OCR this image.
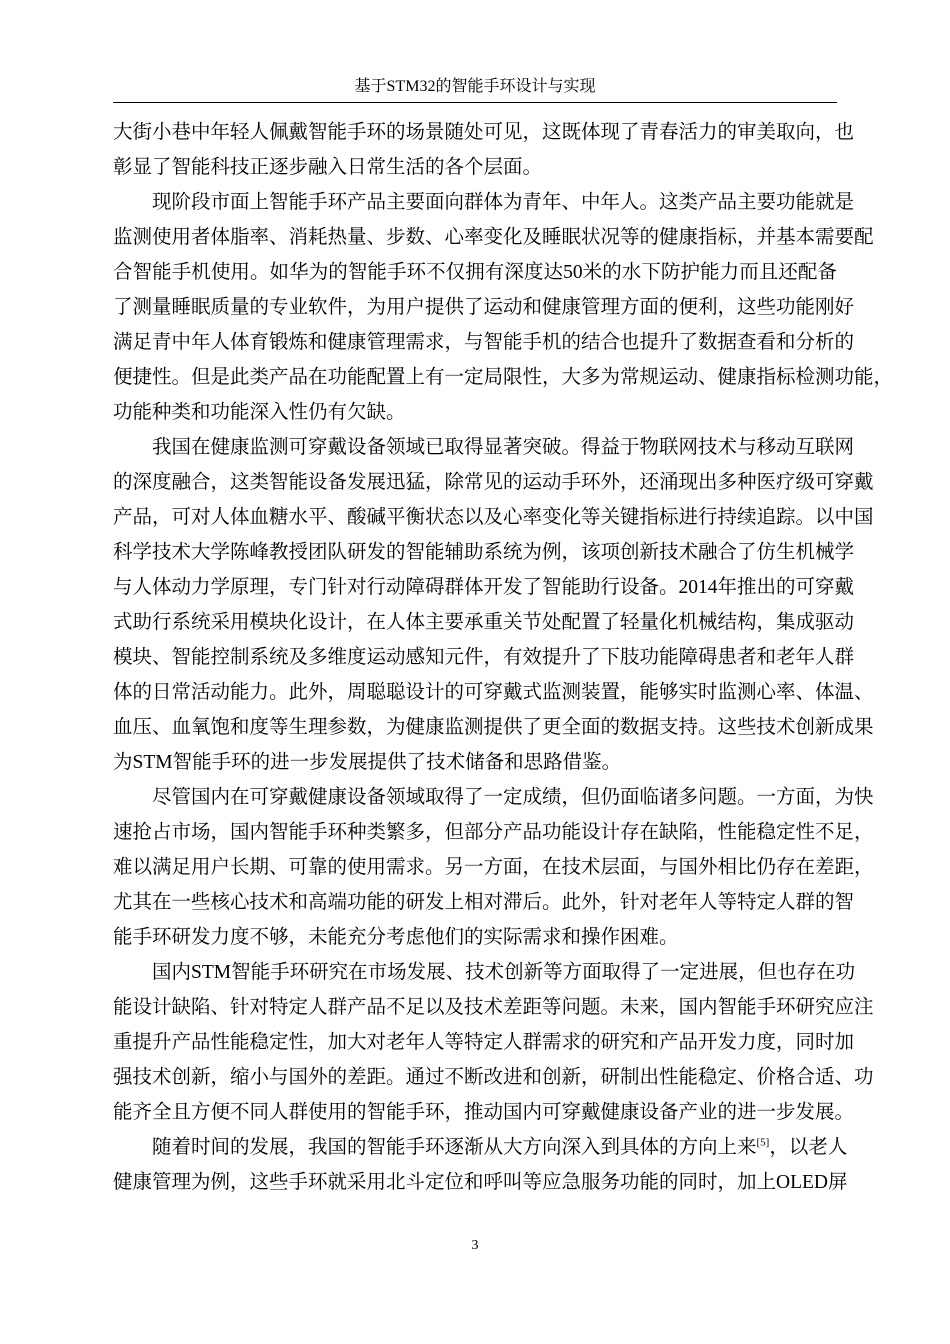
基于STM32的智能手环设计与实现
大街小巷中年轻人佩戴智能手环的场景随处可见，这既体现了青春活力的审美取向，也
彰显了智能科技正逐步融入日常生活的各个层面。
现阶段市面上智能手环产品主要面向群体为青年、中年人。这类产品主要功能就是
监测使用者体脂率、消耗热量、步数、心率变化及睡眠状况等的健康指标，并基本需要配
合智能手机使用。如华为的智能手环不仅拥有深度达50米的水下防护能力而且还配备
了测量睡眠质量的专业软件，为用户提供了运动和健康管理方面的便利，这些功能刚好
满足青中年人体育锻炼和健康管理需求，与智能手机的结合也提升了数据查看和分析的
便捷性。但是此类产品在功能配置上有一定局限性，大多为常规运动、健康指标检测功能，
功能种类和功能深入性仍有欠缺。
我国在健康监测可穿戴设备领域已取得显著突破。得益于物联网技术与移动互联网
的深度融合，这类智能设备发展迅猛，除常见的运动手环外，还涌现出多种医疗级可穿戴
产品，可对人体血糖水平、酸碱平衡状态以及心率变化等关键指标进行持续追踪。以中国
科学技术大学陈峰教授团队研发的智能辅助系统为例，该项创新技术融合了仿生机械学
与人体动力学原理，专门针对行动障碍群体开发了智能助行设备。2014年推出的可穿戴
式助行系统采用模块化设计，在人体主要承重关节处配置了轻量化机械结构，集成驱动
模块、智能控制系统及多维度运动感知元件，有效提升了下肢功能障碍患者和老年人群
体的日常活动能力。此外，周聪聪设计的可穿戴式监测装置，能够实时监测心率、体温、
血压、血氧饱和度等生理参数，为健康监测提供了更全面的数据支持。这些技术创新成果
为STM智能手环的进一步发展提供了技术储备和思路借鉴。
尽管国内在可穿戴健康设备领域取得了一定成绩，但仍面临诸多问题。一方面，为快
速抢占市场，国内智能手环种类繁多，但部分产品功能设计存在缺陷，性能稳定性不足，
难以满足用户长期、可靠的使用需求。另一方面，在技术层面，与国外相比仍存在差距，
尤其在一些核心技术和高端功能的研发上相对滞后。此外，针对老年人等特定人群的智
能手环研发力度不够，未能充分考虑他们的实际需求和操作困难。
国内STM智能手环研究在市场发展、技术创新等方面取得了一定进展，但也存在功
能设计缺陷、针对特定人群产品不足以及技术差距等问题。未来，国内智能手环研究应注
重提升产品性能稳定性，加大对老年人等特定人群需求的研究和产品开发力度，同时加
强技术创新，缩小与国外的差距。通过不断改进和创新，研制出性能稳定、价格合适、功
能齐全且方便不同人群使用的智能手环，推动国内可穿戴健康设备产业的进一步发展。
随着时间的发展，我国的智能手环逐渐从大方向深入到具体的方向上来[5]，以老人
健康管理为例，这些手环就采用北斗定位和呼叫等应急服务功能的同时，加上OLED屏
3
